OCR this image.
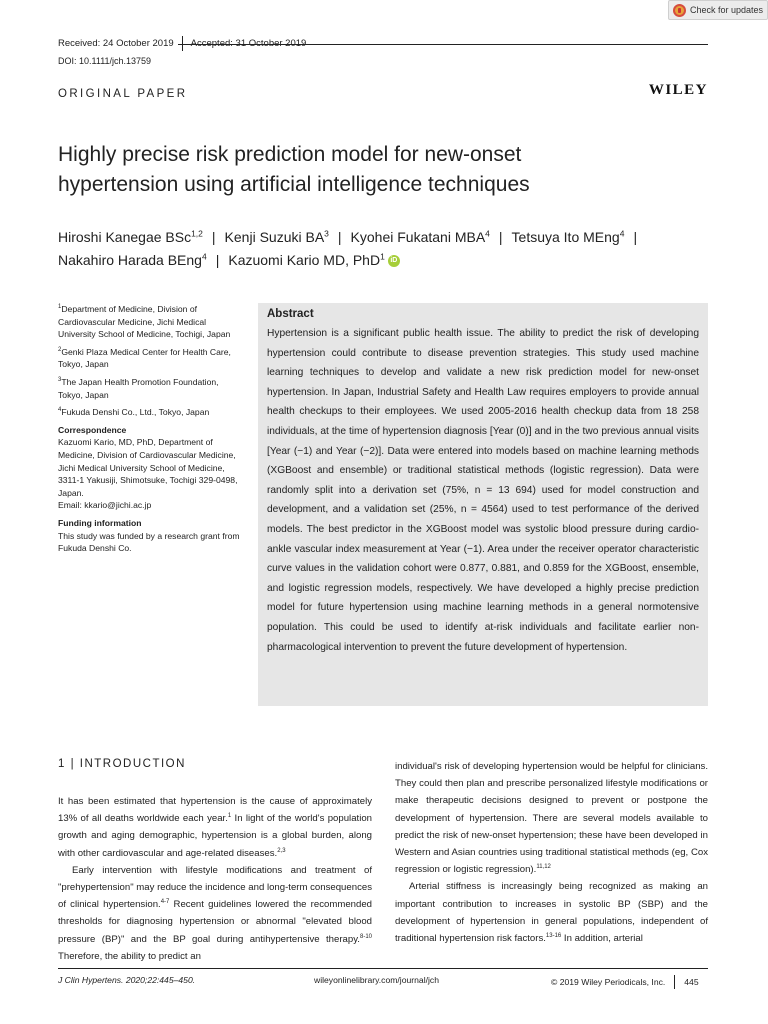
Check for updates
Received: 24 October 2019
DOI: 10.1111/jch.13759
ORIGINAL PAPER	WILEY
Highly precise risk prediction model for new-onset
hypertension using artificial intelligence techniques
Hiroshi Kanegae BSc$^{1,2}$ | Kenji Suzuki $BA^3$ | Kyohei Fukatani MBA$^4$ | Tetsuya Ito MEng$^4$ |
Nakahiro Harada BEng$^4$ | Kazuomi Kario MD, PhD$^1$ iD

$^1$Department of Medicine, Division of Cardiovascular Medicine, Jichi Medical University School of Medicine, Tochigi, Japan

$^2$Genki Plaza Medical Center for Health Care, Tokyo, Japan

$^3$The Japan Health Promotion Foundation, Tokyo, Japan

$^4$Fukuda Denshi Co., Ltd., Tokyo, Japan

Correspondence

Kazuomi Kario, MD, PhD, Department of Medicine, Division of Cardiovascular Medicine, Jichi Medical University School of Medicine, 3311-1 Yakusiji, Shimotsuke, Tochigi 329-0498, Japan.

Email: kkario@jichi.ac.jp

Funding information

This study was funded by a research grant from Fukuda Denshi Co.

Abstract
Hypertension is a significant public health issue. The ability to predict the risk of developing hypertension could contribute to disease prevention strategies. This study used machine learning techniques to develop and validate a new risk prediction model for new-onset hypertension. In Japan, Industrial Safety and Health Law requires employers to provide annual health checkups to their employees. We used 2005-2016 health checkup data from 18 258 individuals, at the time of hypertension diagnosis [Year (0)] and in the two previous annual visits [Year (−1) and Year (−2)]. Data were entered into models based on machine learning methods (XGBoost and ensemble) or traditional statistical methods (logistic regression). Data were randomly split into a derivation set (75%, n = 13 694) used for model construction and development, and a validation set (25%, n = 4564) used to test performance of the derived models. The best predictor in the XGBoost model was systolic blood pressure during cardio-ankle vascular index measurement at Year (−1). Area under the receiver operator characteristic curve values in the validation cohort were 0.877, 0.881, and 0.859 for the XGBoost, ensemble, and logistic regression models, respectively. We have developed a highly precise prediction model for future hypertension using machine learning methods in a general normotensive population. This could be used to identify at-risk individuals and facilitate earlier non-pharmacological intervention to prevent the future development of hypertension.
1 | INTRODUCTION

It has been estimated that hypertension is the cause of approximately 13% of all deaths worldwide each year.$^1$ In light of the world's population growth and aging demographic, hypertension is a global burden, along with other cardiovascular and age-related diseases.$^{2,3}$

Early intervention with lifestyle modifications and treatment of "prehypertension" may reduce the incidence and long-term consequences of clinical hypertension.$^{4-7}$ Recent guidelines lowered the recommended thresholds for diagnosing hypertension or abnormal "elevated blood pressure (BP)" and the BP goal during antihypertensive therapy.$^{8-10}$ Therefore, the ability to predict an

individual's risk of developing hypertension would be helpful for clinicians. They could then plan and prescribe personalized lifestyle modifications or make therapeutic decisions designed to prevent or postpone the development of hypertension. There are several models available to predict the risk of new-onset hypertension; these have been developed in Western and Asian countries using traditional statistical methods (eg, Cox regression or logistic regression).$^{11,12}$

Arterial stiffness is increasingly being recognized as making an important contribution to increases in systolic BP (SBP) and the development of hypertension in general populations, independent of traditional hypertension risk factors.$^{13-16}$ In addition, arterial

J Clin Hypertens. 2020;22:445–450.	wileyonlinelibrary.com/journal/jch	© 2019 Wiley Periodicals, Inc. 445
